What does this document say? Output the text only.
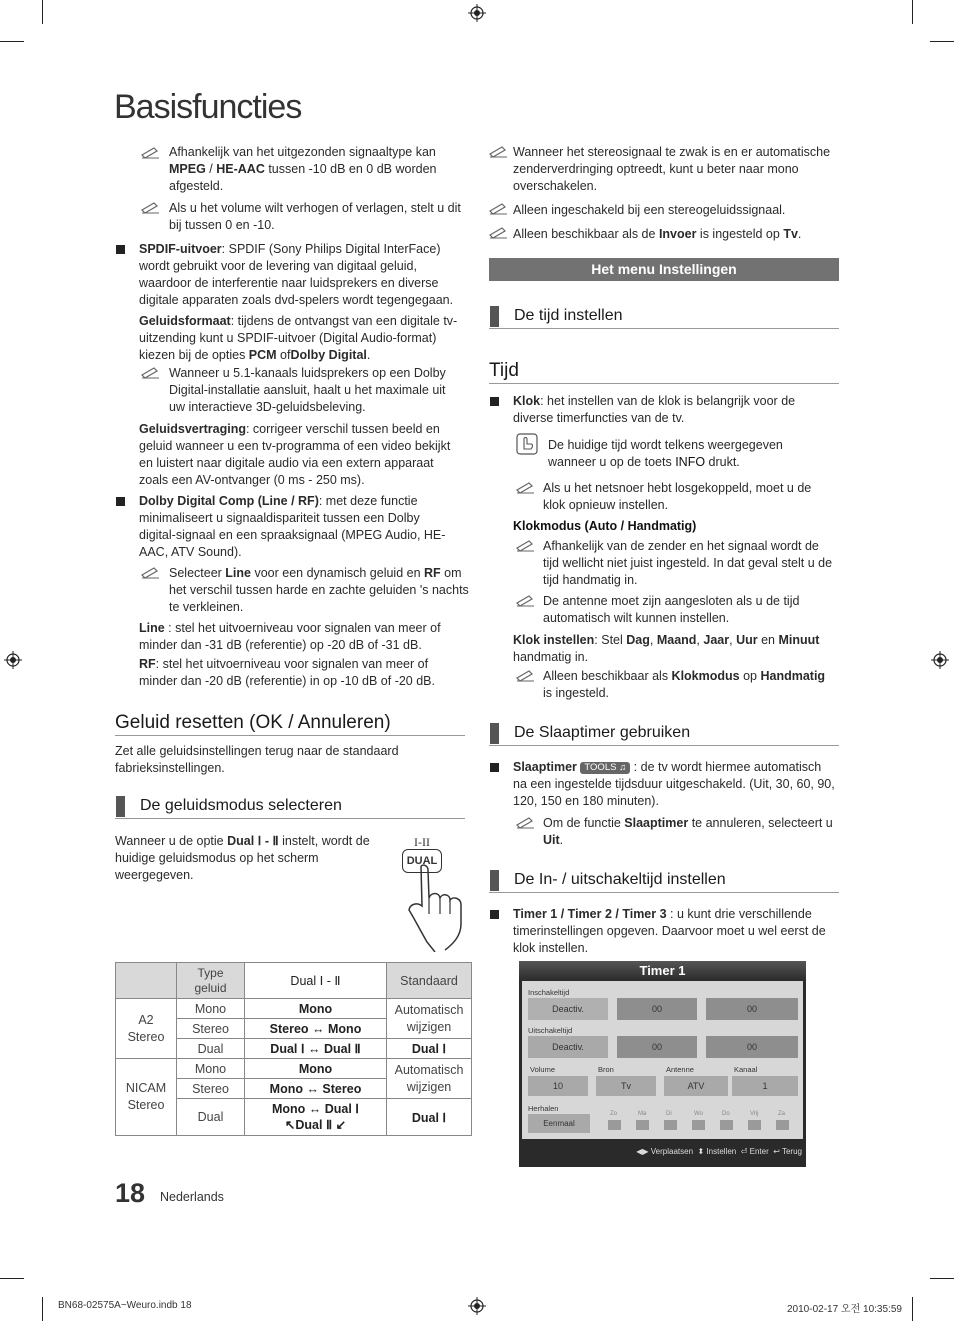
Basisfuncties
Afhankelijk van het uitgezonden signaaltype kan MPEG / HE-AAC tussen -10 dB en 0 dB worden afgesteld.
Als u het volume wilt verhogen of verlagen, stelt u dit bij tussen 0 en -10.
SPDIF-uitvoer: SPDIF (Sony Philips Digital InterFace) wordt gebruikt voor de levering van digitaal geluid, waardoor de interferentie naar luidsprekers en diverse digitale apparaten zoals dvd-spelers wordt tegengegaan.
Geluidsformaat: tijdens de ontvangst van een digitale tv-uitzending kunt u SPDIF-uitvoer (Digital Audio-format) kiezen bij de opties PCM ofDolby Digital.
Wanneer u 5.1-kanaals luidsprekers op een Dolby Digital-installatie aansluit, haalt u het maximale uit uw interactieve 3D-geluidsbeleving.
Geluidsvertraging: corrigeer verschil tussen beeld en geluid wanneer u een tv-programma of een video bekijkt en luistert naar digitale audio via een extern apparaat zoals een AV-ontvanger (0 ms - 250 ms).
Dolby Digital Comp (Line / RF): met deze functie minimaliseert u signaaldispariteit tussen een Dolby digital-signaal en een spraaksignaal (MPEG Audio, HE-AAC, ATV Sound).
Selecteer Line voor een dynamisch geluid en RF om het verschil tussen harde en zachte geluiden 's nachts te verkleinen.
Line : stel het uitvoerniveau voor signalen van meer of minder dan -31 dB (referentie) op -20 dB of -31 dB.
RF: stel het uitvoerniveau voor signalen van meer of minder dan -20 dB (referentie) in op -10 dB of -20 dB.
Geluid resetten (OK / Annuleren)
Zet alle geluidsinstellingen terug naar de standaard fabrieksinstellingen.
De geluidsmodus selecteren
Wanneer u de optie Dual Ⅰ - Ⅱ instelt, wordt de huidige geluidsmodus op het scherm weergegeven.
I-II
DUAL
	Type geluid	Dual Ⅰ - Ⅱ	Standaard
A2 Stereo	Mono	Mono	Automatisch wijzigen
	Stereo	Stereo ↔ Mono	
	Dual	Dual Ⅰ ↔ Dual Ⅱ	Dual Ⅰ
NICAM Stereo	Mono	Mono	Automatisch wijzigen
	Stereo	Mono ↔ Stereo	
	Dual	Mono ↔ Dual Ⅰ
↖Dual Ⅱ ↙	Dual Ⅰ
18 Nederlands
Wanneer het stereosignaal te zwak is en er automatische zenderverdringing optreedt, kunt u beter naar mono overschakelen.
Alleen ingeschakeld bij een stereogeluidssignaal.
Alleen beschikbaar als de Invoer is ingesteld op Tv.
Het menu Instellingen
De tijd instellen
Tijd
Klok: het instellen van de klok is belangrijk voor de diverse timerfuncties van de tv.
De huidige tijd wordt telkens weergegeven wanneer u op de toets INFO drukt.
Als u het netsnoer hebt losgekoppeld, moet u de klok opnieuw instellen.
Klokmodus (Auto / Handmatig)
Afhankelijk van de zender en het signaal wordt de tijd wellicht niet juist ingesteld. In dat geval stelt u de tijd handmatig in.
De antenne moet zijn aangesloten als u de tijd automatisch wilt kunnen instellen.
Klok instellen: Stel Dag, Maand, Jaar, Uur en Minuut handmatig in.
Alleen beschikbaar als Klokmodus op Handmatig is ingesteld.
De Slaaptimer gebruiken
Slaaptimer TOOLS ♫ : de tv wordt hiermee automatisch na een ingestelde tijdsduur uitgeschakeld. (Uit, 30, 60, 90, 120, 150 en 180 minuten).
Om de functie Slaaptimer te annuleren, selecteert u Uit.
De In- / uitschakeltijd instellen
Timer 1 / Timer 2 / Timer 3 : u kunt drie verschillende timerinstellingen opgeven. Daarvoor moet u wel eerst de klok instellen.
Timer 1
Inschakeltijd
Deactiv.	00	00
Uitschakeltijd
Deactiv.	00	00
Volume	Bron	Antenne	Kanaal
10	Tv	ATV	1
Herhalen
Eenmaal
Zo	Ma	Di	Wo	Do	Vrij	Za
◀▶ Verplaatsen ⬍ Instellen ⏎ Enter ↩ Terug
BN68-02575A~Weuro.indb 18	2010-02-17 오전 10:35:59
